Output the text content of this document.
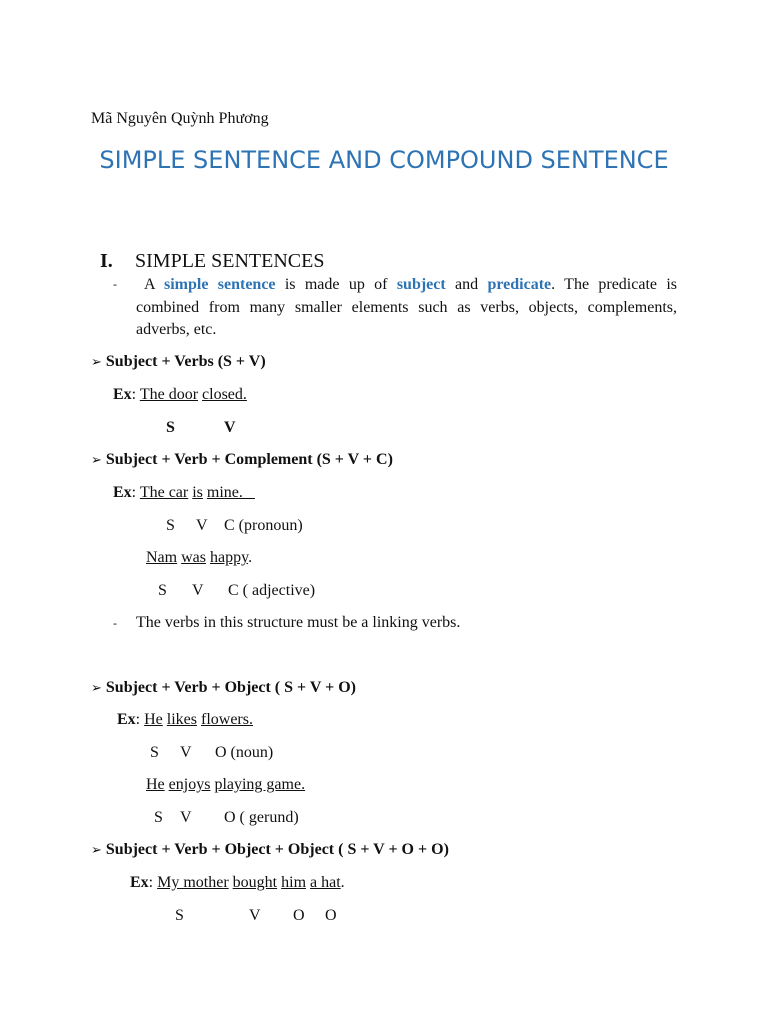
Mã Nguyên Quỳnh Phương
SIMPLE SENTENCE AND COMPOUND SENTENCE
I. SIMPLE SENTENCES
-	A simple sentence is made up of subject and predicate. The predicate is combined from many smaller elements such as verbs, objects, complements, adverbs, etc.
➢ Subject + Verbs (S + V)
Ex: The door closed.
S	V
➢ Subject + Verb + Complement (S + V + C)
Ex: The car is mine.
S V C (pronoun)
Nam was happy.
S V C ( adjective)
- The verbs in this structure must be a linking verbs.
➢ Subject + Verb + Object ( S + V + O)
Ex: He likes flowers.
S V O (noun)
He enjoys playing game.
S V O ( gerund)
➢ Subject + Verb + Object + Object ( S + V + O + O)
Ex: My mother bought him a hat.
S	V O O
